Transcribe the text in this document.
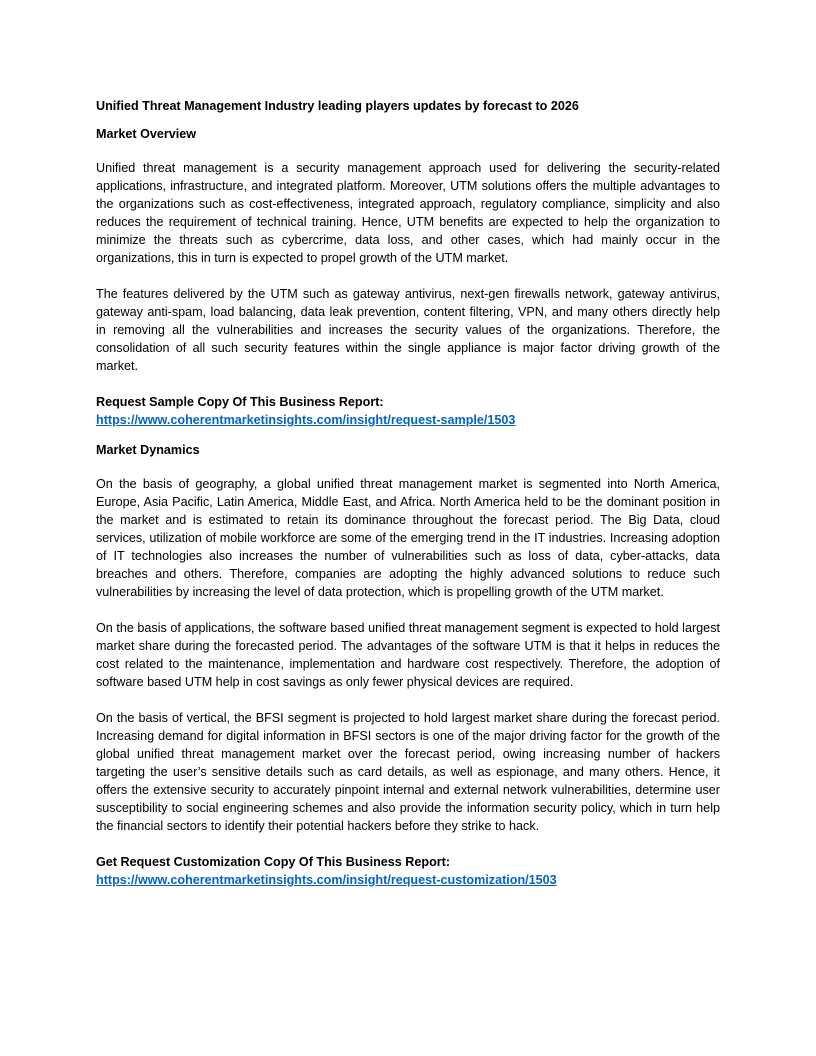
Unified Threat Management Industry leading players updates by forecast to 2026
Market Overview

Unified threat management is a security management approach used for delivering the security-related applications, infrastructure, and integrated platform. Moreover, UTM solutions offers the multiple advantages to the organizations such as cost-effectiveness, integrated approach, regulatory compliance, simplicity and also reduces the requirement of technical training. Hence, UTM benefits are expected to help the organization to minimize the threats such as cybercrime, data loss, and other cases, which had mainly occur in the organizations, this in turn is expected to propel growth of the UTM market.

The features delivered by the UTM such as gateway antivirus, next-gen firewalls network, gateway antivirus, gateway anti-spam, load balancing, data leak prevention, content filtering, VPN, and many others directly help in removing all the vulnerabilities and increases the security values of the organizations. Therefore, the consolidation of all such security features within the single appliance is major factor driving growth of the market.

Request Sample Copy Of This Business Report:
https://www.coherentmarketinsights.com/insight/request-sample/1503
Market Dynamics

On the basis of geography, a global unified threat management market is segmented into North America, Europe, Asia Pacific, Latin America, Middle East, and Africa. North America held to be the dominant position in the market and is estimated to retain its dominance throughout the forecast period. The Big Data, cloud services, utilization of mobile workforce are some of the emerging trend in the IT industries. Increasing adoption of IT technologies also increases the number of vulnerabilities such as loss of data, cyber-attacks, data breaches and others. Therefore, companies are adopting the highly advanced solutions to reduce such vulnerabilities by increasing the level of data protection, which is propelling growth of the UTM market.

On the basis of applications, the software based unified threat management segment is expected to hold largest market share during the forecasted period. The advantages of the software UTM is that it helps in reduces the cost related to the maintenance, implementation and hardware cost respectively. Therefore, the adoption of software based UTM help in cost savings as only fewer physical devices are required.

On the basis of vertical, the BFSI segment is projected to hold largest market share during the forecast period. Increasing demand for digital information in BFSI sectors is one of the major driving factor for the growth of the global unified threat management market over the forecast period, owing increasing number of hackers targeting the user’s sensitive details such as card details, as well as espionage, and many others. Hence, it offers the extensive security to accurately pinpoint internal and external network vulnerabilities, determine user susceptibility to social engineering schemes and also provide the information security policy, which in turn help the financial sectors to identify their potential hackers before they strike to hack.

Get Request Customization Copy Of This Business Report:
https://www.coherentmarketinsights.com/insight/request-customization/1503
